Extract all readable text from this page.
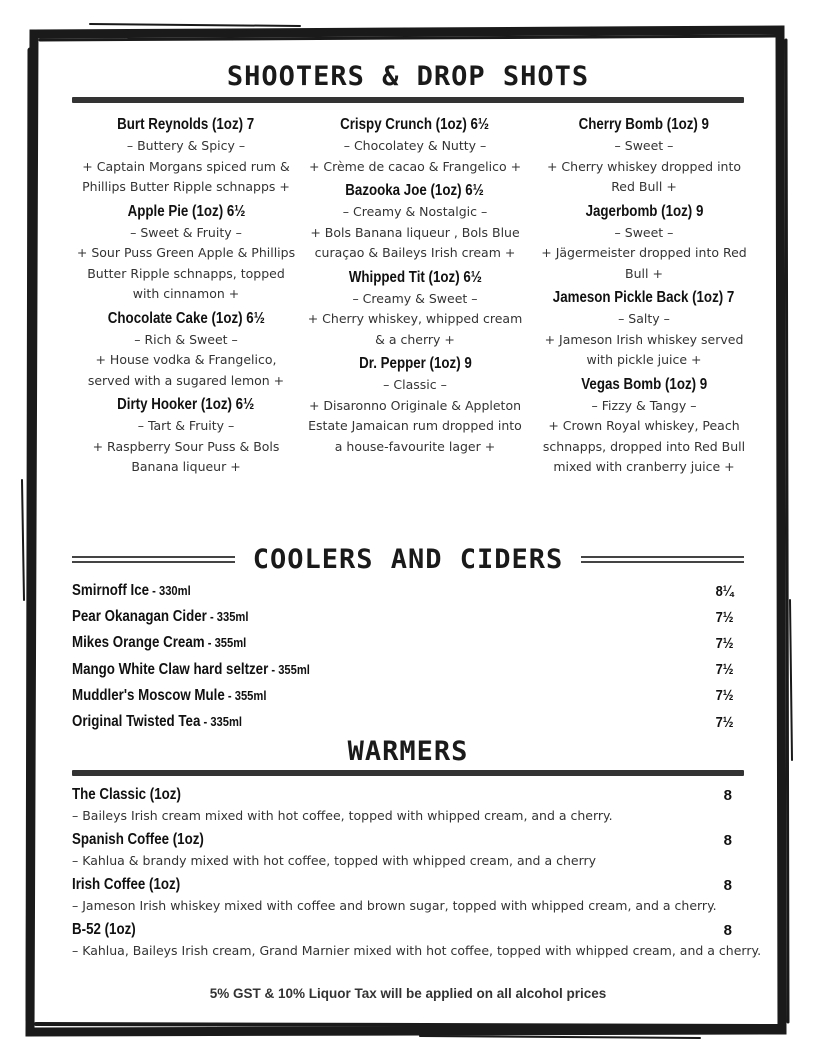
SHOOTERS & DROP SHOTS
Burt Reynolds (1oz) 7
– Buttery & Spicy –
+ Captain Morgans spiced rum & Phillips Butter Ripple schnapps +
Apple Pie (1oz) 6½
– Sweet & Fruity –
+ Sour Puss Green Apple & Phillips Butter Ripple schnapps, topped with cinnamon +
Chocolate Cake (1oz) 6½
– Rich & Sweet –
+ House vodka & Frangelico, served with a sugared lemon +
Dirty Hooker (1oz) 6½
– Tart & Fruity –
+ Raspberry Sour Puss & Bols Banana liqueur +
Crispy Crunch (1oz) 6½
– Chocolatey & Nutty –
+ Crème de cacao & Frangelico +
Bazooka Joe (1oz) 6½
– Creamy & Nostalgic –
+ Bols Banana liqueur , Bols Blue curaçao & Baileys Irish cream +
Whipped Tit (1oz) 6½
– Creamy & Sweet –
+ Cherry whiskey, whipped cream & a cherry +
Dr. Pepper (1oz) 9
– Classic –
+ Disaronno Originale & Appleton Estate Jamaican rum dropped into a house-favourite lager +
Cherry Bomb (1oz) 9
– Sweet –
+ Cherry whiskey dropped into Red Bull +
Jagerbomb (1oz) 9
– Sweet –
+ Jägermeister dropped into Red Bull +
Jameson Pickle Back (1oz) 7
– Salty –
+ Jameson Irish whiskey served with pickle juice +
Vegas Bomb (1oz) 9
– Fizzy & Tangy –
+ Crown Royal whiskey, Peach schnapps, dropped into Red Bull mixed with cranberry juice +
COOLERS AND CIDERS
Smirnoff Ice - 330ml	8¼
Pear Okanagan Cider - 335ml	7½
Mikes Orange Cream - 355ml	7½
Mango White Claw hard seltzer - 355ml	7½
Muddler's Moscow Mule - 355ml	7½
Original Twisted Tea - 335ml	7½
WARMERS
The Classic (1oz)	8
– Baileys Irish cream mixed with hot coffee, topped with whipped cream, and a cherry.
Spanish Coffee (1oz)	8
– Kahlua & brandy mixed with hot coffee, topped with whipped cream, and a cherry
Irish Coffee (1oz)	8
– Jameson Irish whiskey mixed with coffee and brown sugar, topped with whipped cream, and a cherry.
B-52 (1oz)	8
– Kahlua, Baileys Irish cream, Grand Marnier mixed with hot coffee, topped with whipped cream, and a cherry.
5% GST & 10% Liquor Tax will be applied on all alcohol prices
